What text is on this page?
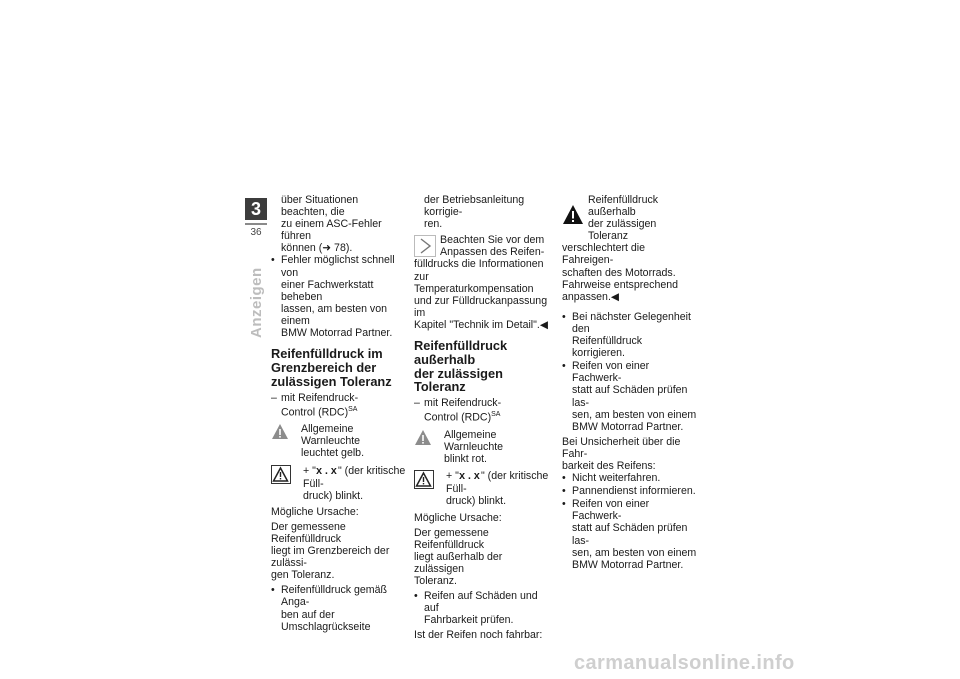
3
36
Anzeigen
über Situationen beachten, die
zu einem ASC-Fehler führen
können (➜ 78).
• Fehler möglichst schnell von
einer Fachwerkstatt beheben
lassen, am besten von einem
BMW Motorrad Partner.
Reifenfülldruck im
Grenzbereich der
zulässigen Toleranz
– mit Reifendruck-
Control (RDC)$^{SA}$
Allgemeine Warnleuchte
leuchtet gelb.
+ "x.x" (der kritische Füll-
druck) blinkt.

Mögliche Ursache:

Der gemessene Reifenfülldruck
liegt im Grenzbereich der zulässi-
gen Toleranz.

• Reifenfülldruck gemäß Anga-
ben auf der Umschlagrückseite
der Betriebsanleitung korrigie-
ren.
Beachten Sie vor dem
Anpassen des Reifen-
fülldrucks die Informationen
zur Temperaturkompensation
und zur Fülldruckanpassung im
Kapitel "Technik im Detail".◀
Reifenfülldruck außerhalb
der zulässigen Toleranz
– mit Reifendruck-
Control (RDC)$^{SA}$
Allgemeine Warnleuchte
blinkt rot.
+ "x.x" (der kritische Füll-
druck) blinkt.

Mögliche Ursache:

Der gemessene Reifenfülldruck
liegt außerhalb der zulässigen
Toleranz.

• Reifen auf Schäden und auf
Fahrbarkeit prüfen.

Ist der Reifen noch fahrbar:

Reifenfülldruck außerhalb
der zulässigen Toleranz
verschlechtert die Fahreigen-
schaften des Motorrads.
Fahrweise entsprechend
anpassen.◀
• Bei nächster Gelegenheit den
Reifenfülldruck korrigieren.
• Reifen von einer Fachwerk-
statt auf Schäden prüfen las-
sen, am besten von einem
BMW Motorrad Partner.

Bei Unsicherheit über die Fahr-
barkeit des Reifens:

• Nicht weiterfahren.
• Pannendienst informieren.
• Reifen von einer Fachwerk-
statt auf Schäden prüfen las-
sen, am besten von einem
BMW Motorrad Partner.
carmanualsonline.info
